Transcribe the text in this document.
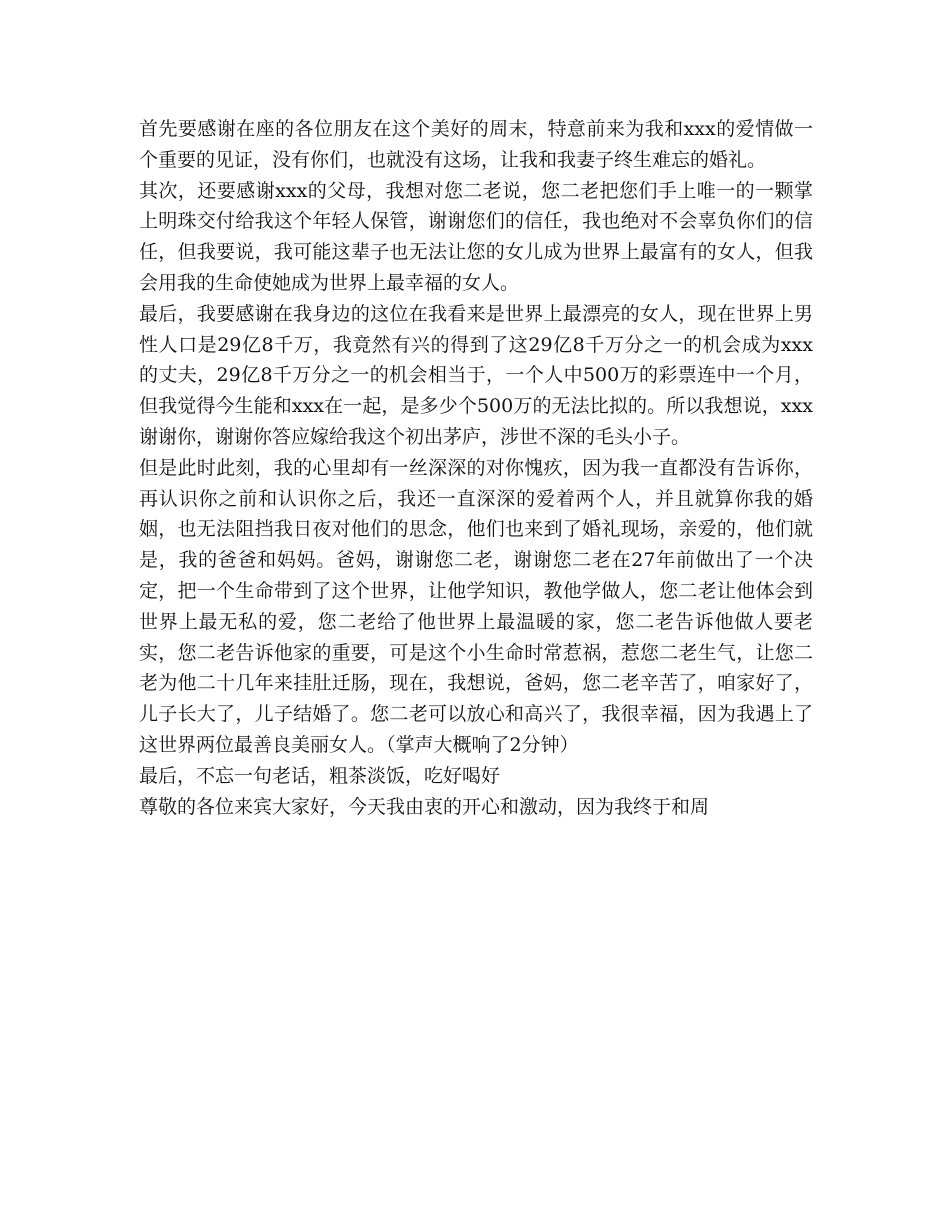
首先要感谢在座的各位朋友在这个美好的周末，特意前来为我和xxx的爱情做一个重要的见证，没有你们，也就没有这场，让我和我妻子终生难忘的婚礼。

其次，还要感谢xxx的父母，我想对您二老说，您二老把您们手上唯一的一颗掌上明珠交付给我这个年轻人保管，谢谢您们的信任，我也绝对不会辜负你们的信任，但我要说，我可能这辈子也无法让您的女儿成为世界上最富有的女人，但我会用我的生命使她成为世界上最幸福的女人。

最后，我要感谢在我身边的这位在我看来是世界上最漂亮的女人，现在世界上男性人口是29亿8千万，我竟然有兴的得到了这29亿8千万分之一的机会成为xxx的丈夫，29亿8千万分之一的机会相当于，一个人中500万的彩票连中一个月，但我觉得今生能和xxx在一起，是多少个500万的无法比拟的。所以我想说，xxx谢谢你，谢谢你答应嫁给我这个初出茅庐，涉世不深的毛头小子。

但是此时此刻，我的心里却有一丝深深的对你愧疚，因为我一直都没有告诉你，再认识你之前和认识你之后，我还一直深深的爱着两个人，并且就算你我的婚姻，也无法阻挡我日夜对他们的思念，他们也来到了婚礼现场，亲爱的，他们就是，我的爸爸和妈妈。爸妈，谢谢您二老，谢谢您二老在27年前做出了一个决定，把一个生命带到了这个世界，让他学知识，教他学做人，您二老让他体会到世界上最无私的爱，您二老给了他世界上最温暖的家，您二老告诉他做人要老实，您二老告诉他家的重要，可是这个小生命时常惹祸，惹您二老生气，让您二老为他二十几年来挂肚迁肠，现在，我想说，爸妈，您二老辛苦了，咱家好了，儿子长大了，儿子结婚了。您二老可以放心和高兴了，我很幸福，因为我遇上了这世界两位最善良美丽女人。（掌声大概响了2分钟）

最后，不忘一句老话，粗茶淡饭，吃好喝好

尊敬的各位来宾大家好，今天我由衷的开心和激动，因为我终于和周
